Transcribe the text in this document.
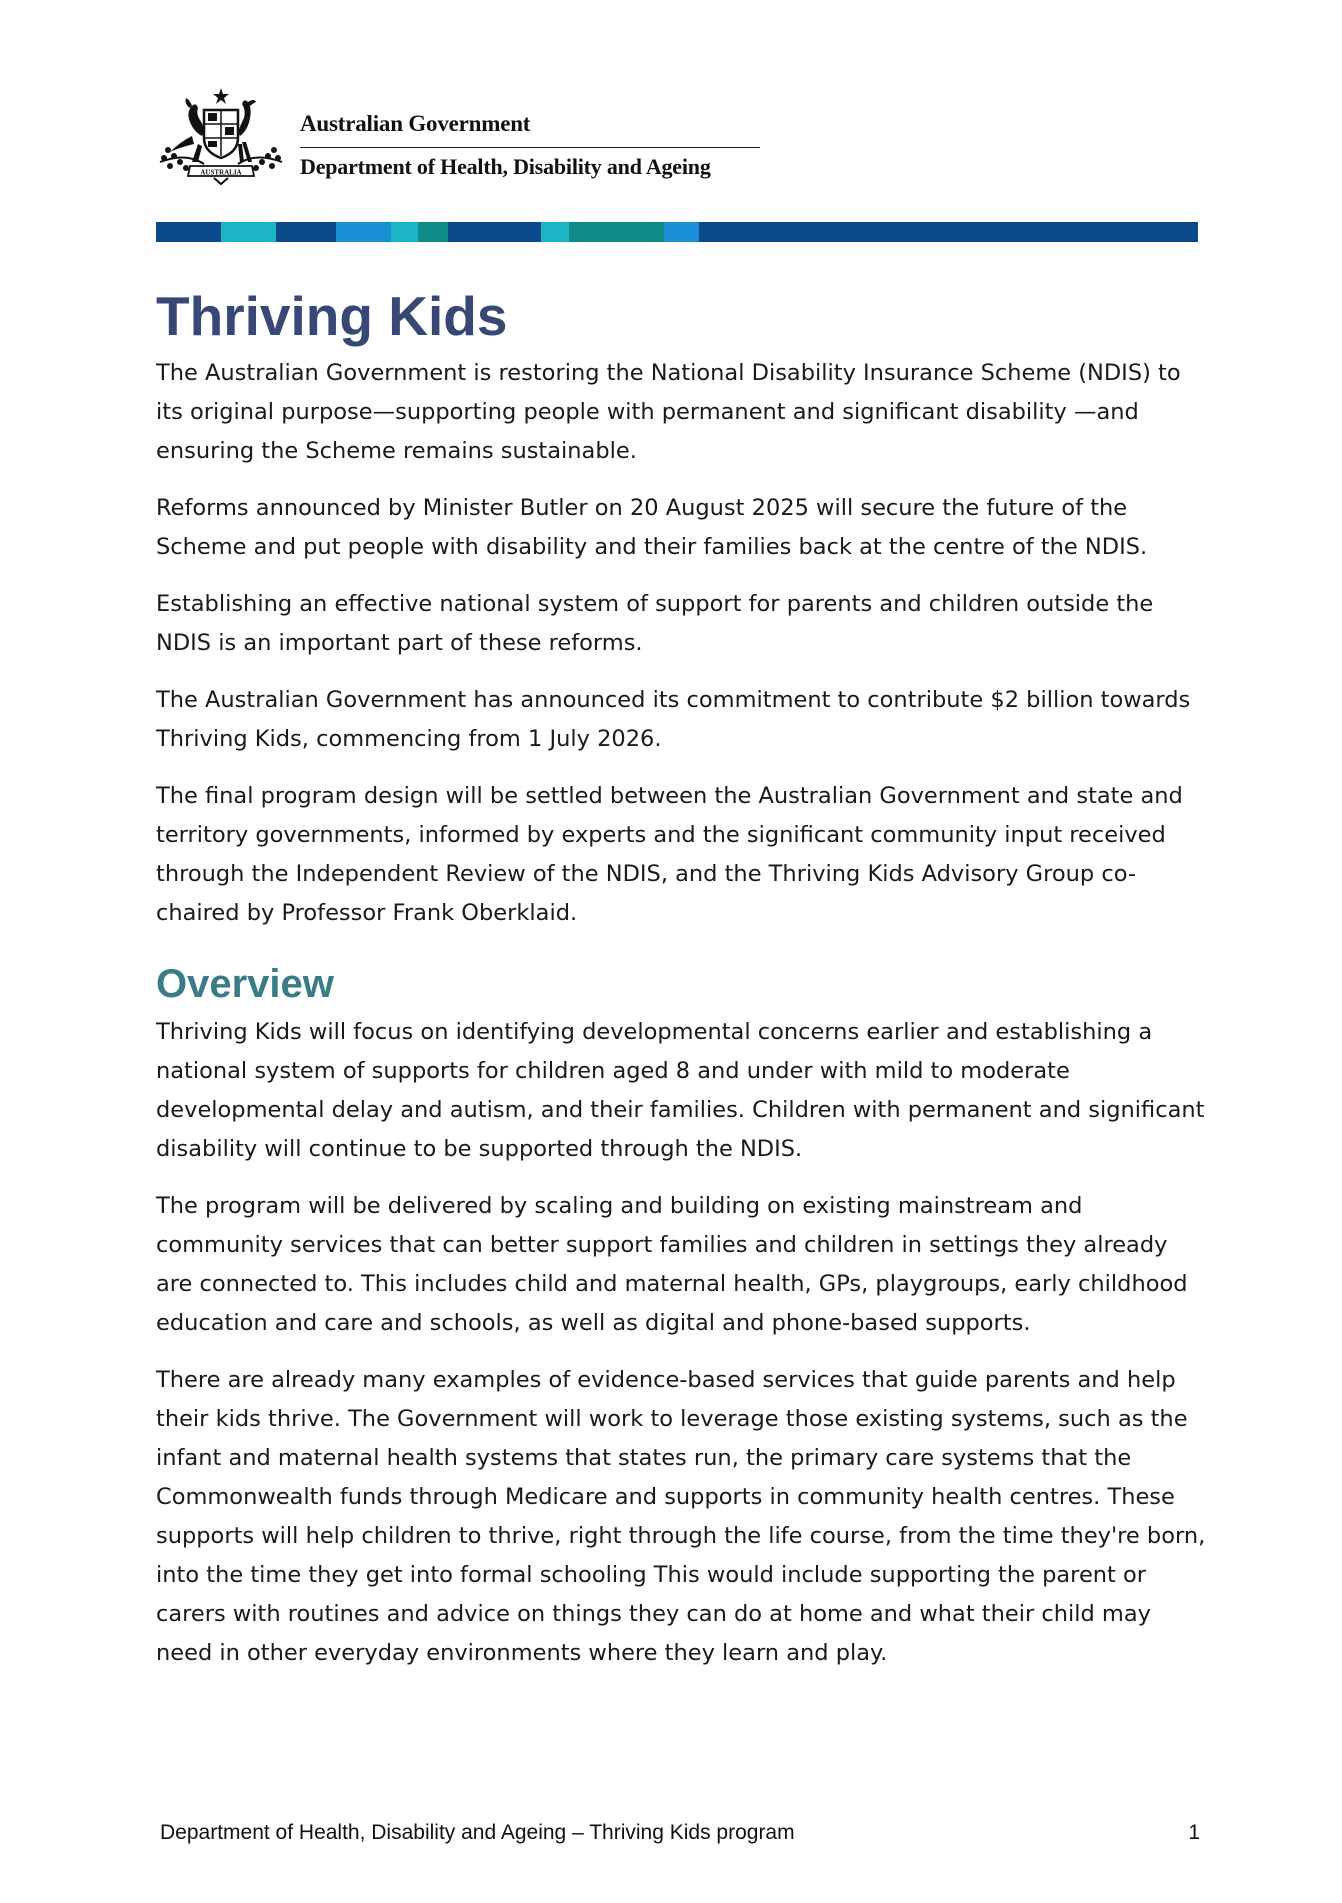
AUSTRALIA
Australian Government
Department of Health, Disability and Ageing
Thriving Kids

The Australian Government is restoring the National Disability Insurance Scheme (NDIS) to its original purpose—supporting people with permanent and significant disability —and ensuring the Scheme remains sustainable.

Reforms announced by Minister Butler on 20 August 2025 will secure the future of the Scheme and put people with disability and their families back at the centre of the NDIS.

Establishing an effective national system of support for parents and children outside the NDIS is an important part of these reforms.

The Australian Government has announced its commitment to contribute $2 billion towards Thriving Kids, commencing from 1 July 2026.

The final program design will be settled between the Australian Government and state and territory governments, informed by experts and the significant community input received through the Independent Review of the NDIS, and the Thriving Kids Advisory Group co-chaired by Professor Frank Oberklaid.

Overview

Thriving Kids will focus on identifying developmental concerns earlier and establishing a national system of supports for children aged 8 and under with mild to moderate developmental delay and autism, and their families. Children with permanent and significant disability will continue to be supported through the NDIS.

The program will be delivered by scaling and building on existing mainstream and community services that can better support families and children in settings they already are connected to. This includes child and maternal health, GPs, playgroups, early childhood education and care and schools, as well as digital and phone-based supports.

There are already many examples of evidence-based services that guide parents and help their kids thrive. The Government will work to leverage those existing systems, such as the infant and maternal health systems that states run, the primary care systems that the Commonwealth funds through Medicare and supports in community health centres. These supports will help children to thrive, right through the life course, from the time they're born, into the time they get into formal schooling This would include supporting the parent or carers with routines and advice on things they can do at home and what their child may need in other everyday environments where they learn and play.

Department of Health, Disability and Ageing – Thriving Kids program	1
